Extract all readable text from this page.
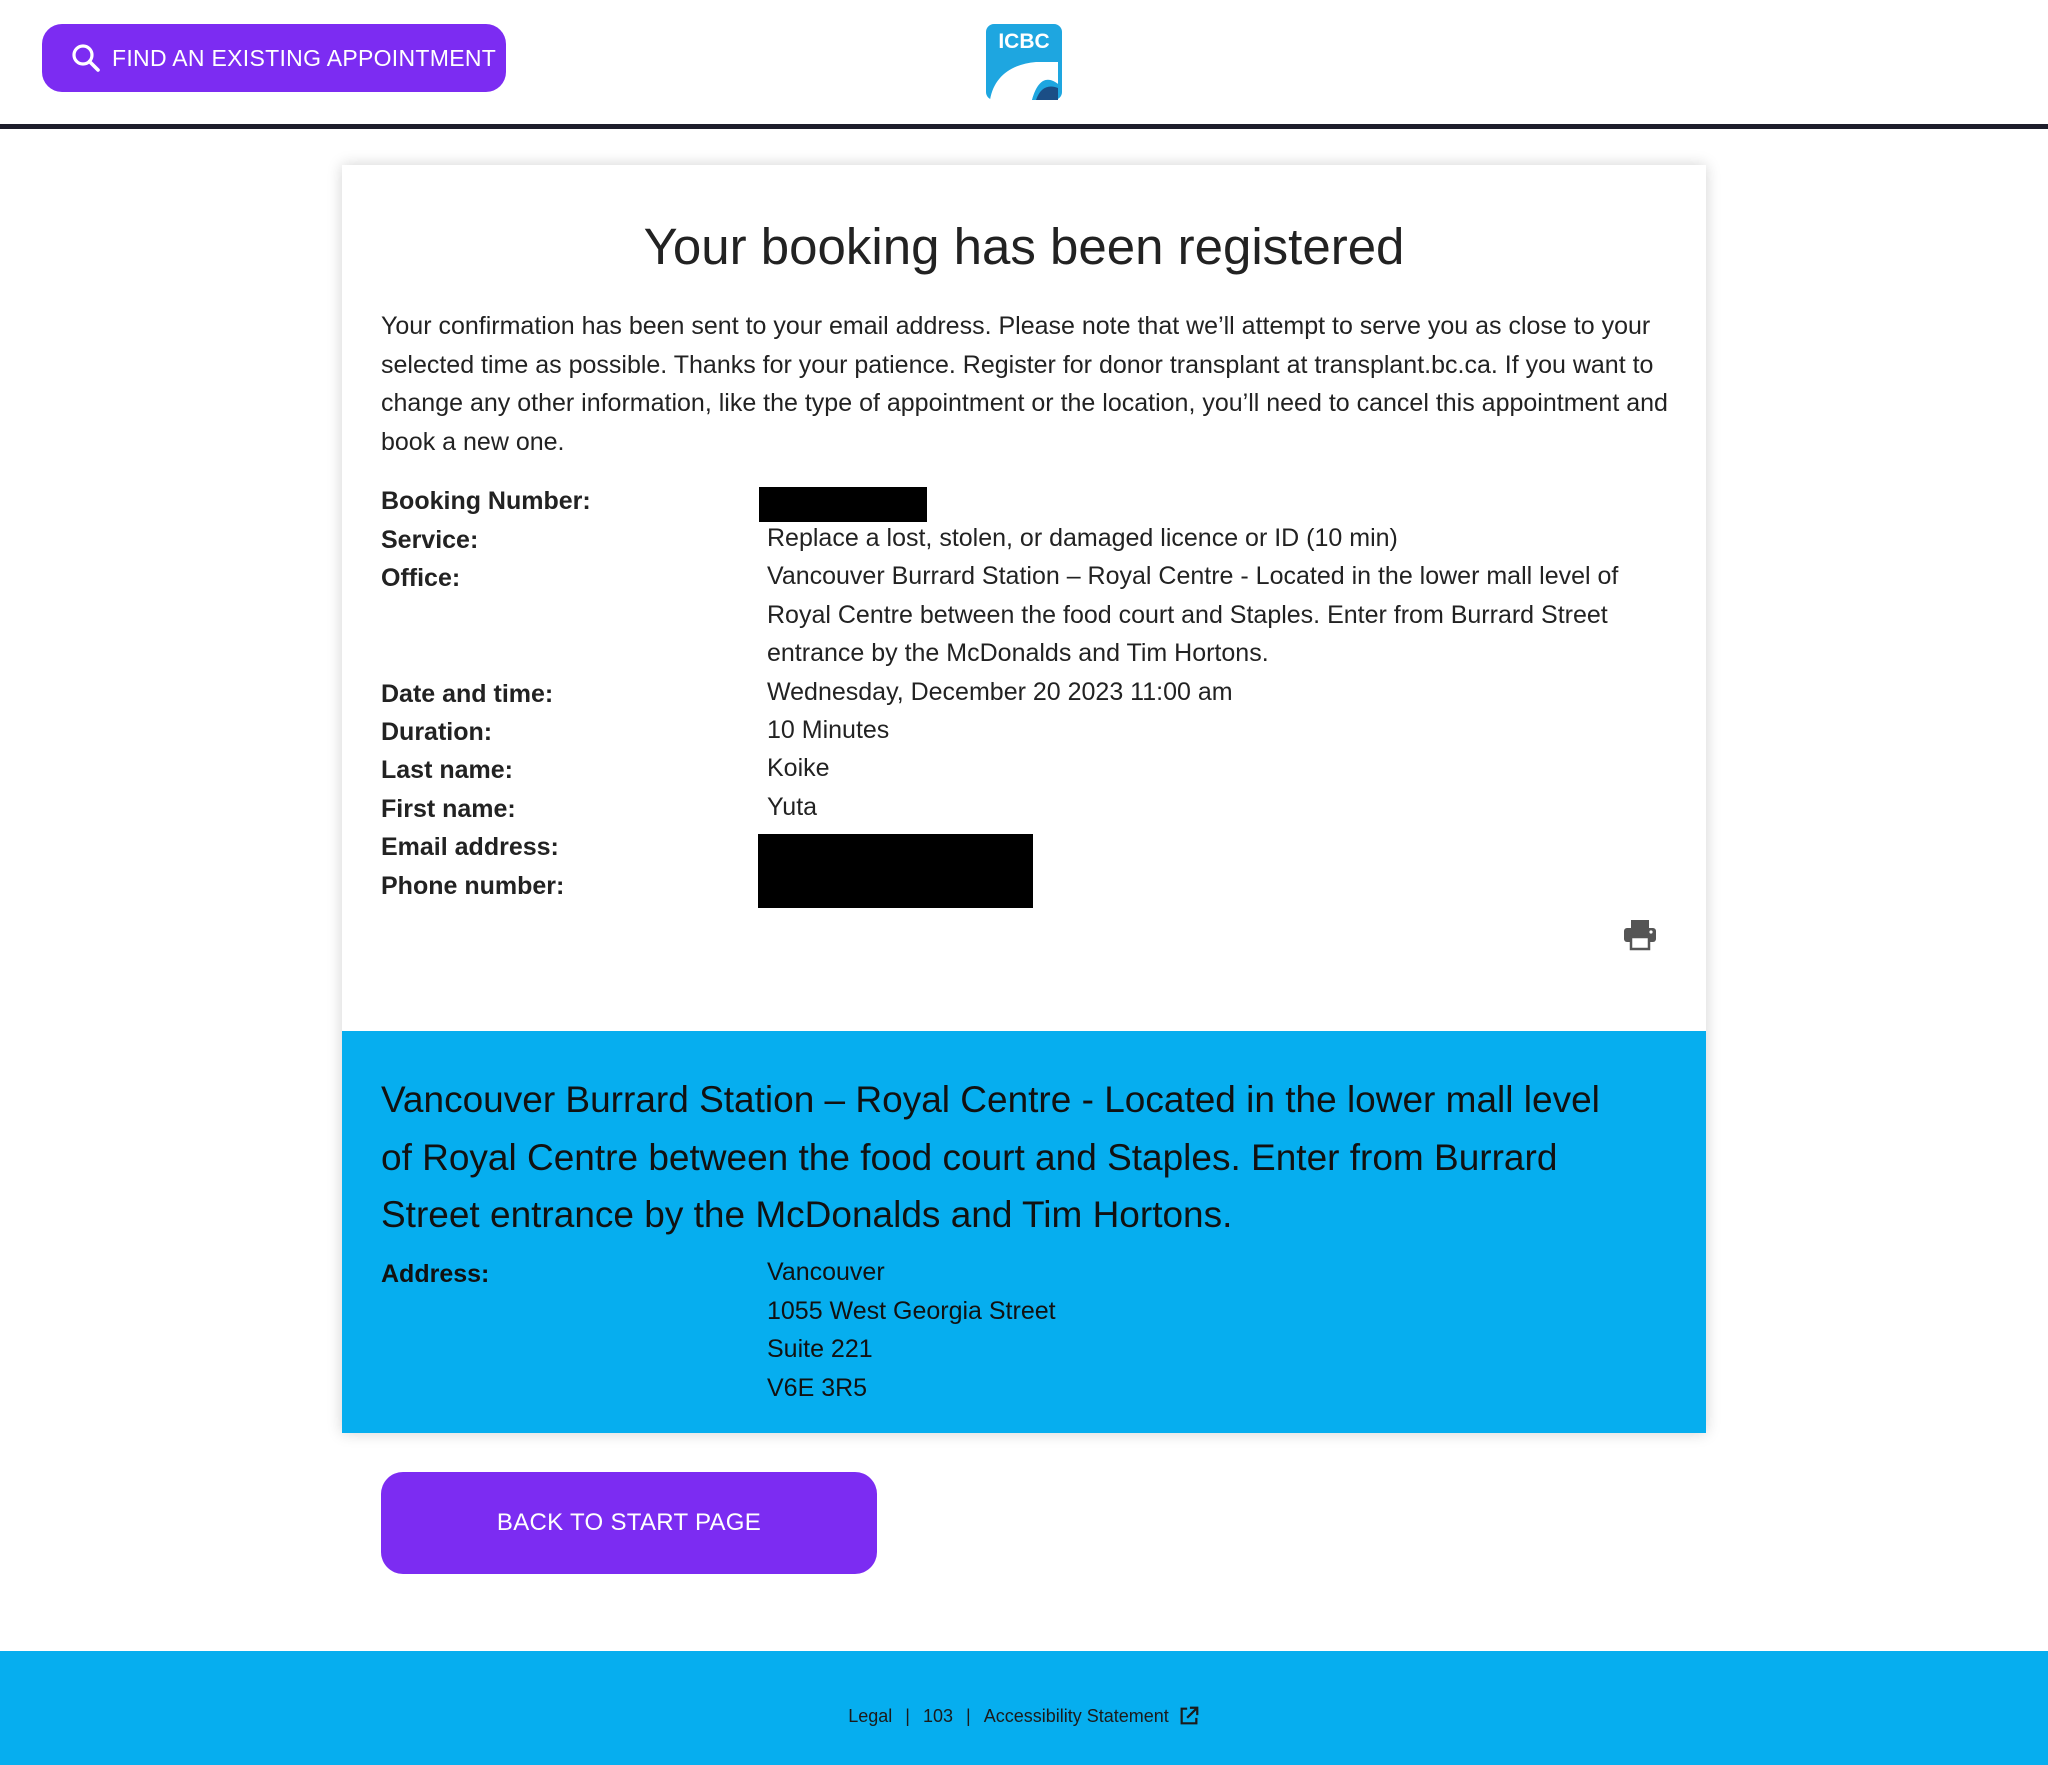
FIND AN EXISTING APPOINTMENT
ICBC
Your booking has been registered
Your confirmation has been sent to your email address. Please note that we’ll attempt to serve you as close to your selected time as possible. Thanks for your patience. Register for donor transplant at transplant.bc.ca. If you want to change any other information, like the type of appointment or the location, you’ll need to cancel this appointment and book a new one.
Booking Number:
Service:	Replace a lost, stolen, or damaged licence or ID (10 min)
Office:	Vancouver Burrard Station – Royal Centre - Located in the lower mall level of
Royal Centre between the food court and Staples. Enter from Burrard Street
entrance by the McDonalds and Tim Hortons.
Date and time:	Wednesday, December 20 2023 11:00 am
Duration:	10 Minutes
Last name:	Koike
First name:	Yuta
Email address:
Phone number:
Vancouver Burrard Station – Royal Centre - Located in the lower mall level
of Royal Centre between the food court and Staples. Enter from Burrard
Street entrance by the McDonalds and Tim Hortons.
Address:	Vancouver
1055 West Georgia Street
Suite 221
V6E 3R5
BACK TO START PAGE
Legal | 103 | Accessibility Statement
